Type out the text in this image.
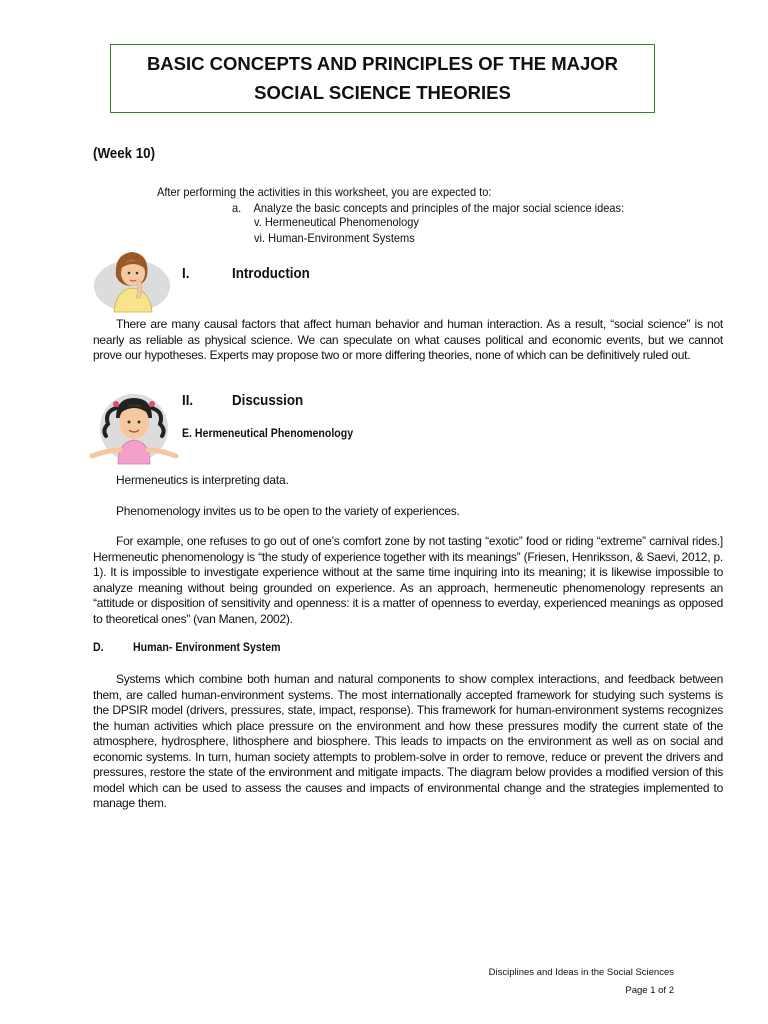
BASIC CONCEPTS AND PRINCIPLES OF THE MAJOR
SOCIAL SCIENCE THEORIES
(Week 10)
After performing the activities in this worksheet, you are expected to:
a. Analyze the basic concepts and principles of the major social science ideas:
v. Hermeneutical Phenomenology
vi. Human-Environment Systems
I.	Introduction
There are many causal factors that affect human behavior and human interaction. As a result, “social science” is not nearly as reliable as physical science. We can speculate on what causes political and economic events, but we cannot prove our hypotheses. Experts may propose two or more differing theories, none of which can be definitively ruled out.
II.	Discussion
E. Hermeneutical Phenomenology
Hermeneutics is interpreting data.
Phenomenology invites us to be open to the variety of experiences.
For example, one refuses to go out of one’s comfort zone by not tasting “exotic” food or riding “extreme” carnival rides.] Hermeneutic phenomenology is “the study of experience together with its meanings” (Friesen, Henriksson, & Saevi, 2012, p. 1). It is impossible to investigate experience without at the same time inquiring into its meaning; it is likewise impossible to analyze meaning without being grounded on experience. As an approach, hermeneutic phenomenology represents an “attitude or disposition of sensitivity and openness: it is a matter of openness to everday, experienced meanings as opposed to theoretical ones” (van Manen, 2002).
D.	Human- Environment System
Systems which combine both human and natural components to show complex interactions, and feedback between them, are called human-environment systems. The most internationally accepted framework for studying such systems is the DPSIR model (drivers, pressures, state, impact, response). This framework for human-environment systems recognizes the human activities which place pressure on the environment and how these pressures modify the current state of the atmosphere, hydrosphere, lithosphere and biosphere. This leads to impacts on the environment as well as on social and economic systems. In turn, human society attempts to problem-solve in order to remove, reduce or prevent the drivers and pressures, restore the state of the environment and mitigate impacts. The diagram below provides a modified version of this model which can be used to assess the causes and impacts of environmental change and the strategies implemented to manage them.
Disciplines and Ideas in the Social Sciences
Page 1 of 2
